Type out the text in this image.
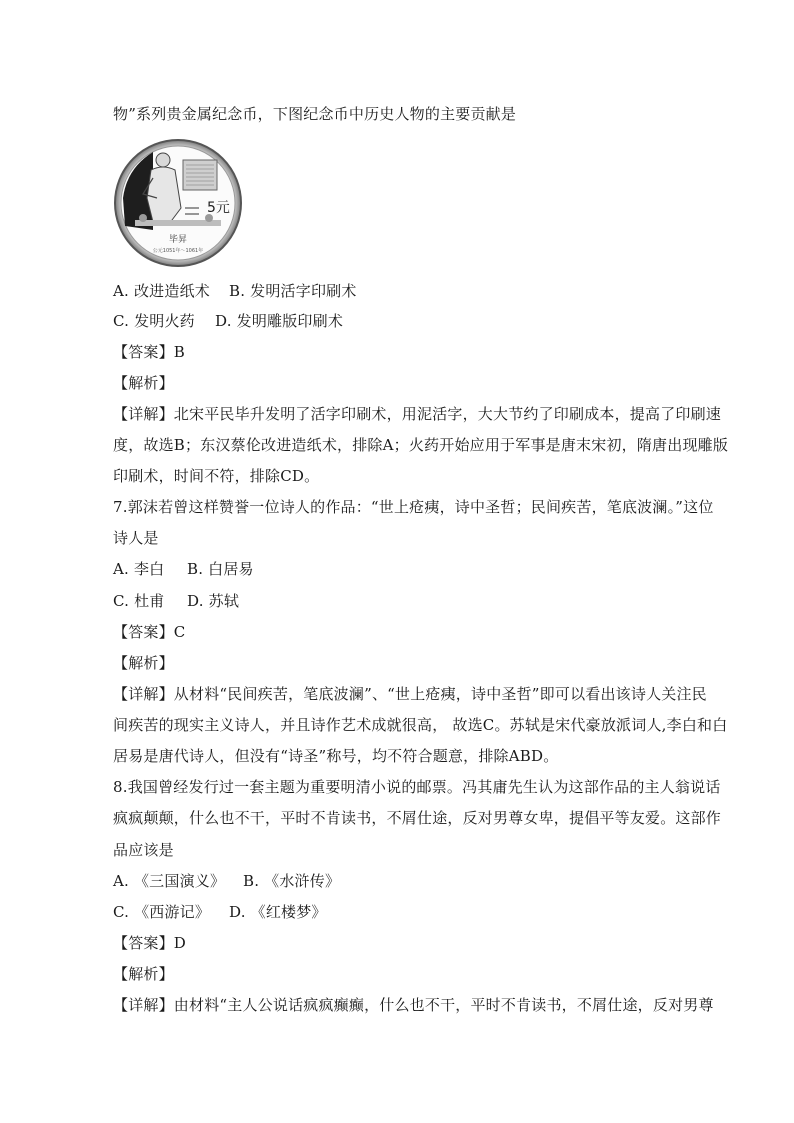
物”系列贵金属纪念币，下图纪念币中历史人物的主要贡献是
5元
毕昇
公元1051年～1061年
A. 改进造纸术 B. 发明活字印刷术
C. 发明火药 D. 发明雕版印刷术
【答案】B
【解析】
【详解】北宋平民毕升发明了活字印刷术，用泥活字，大大节约了印刷成本，提高了印刷速
度，故选B；东汉蔡伦改进造纸术，排除A；火药开始应用于军事是唐末宋初，隋唐出现雕版
印刷术，时间不符，排除CD。
7.郭沫若曾这样赞誉一位诗人的作品：“世上疮痍，诗中圣哲；民间疾苦，笔底波澜。”这位
诗人是
A. 李白 B. 白居易
C. 杜甫 D. 苏轼
【答案】C
【解析】
【详解】从材料“民间疾苦，笔底波澜”、“世上疮痍，诗中圣哲”即可以看出该诗人关注民
间疾苦的现实主义诗人，并且诗作艺术成就很高， 故选C。苏轼是宋代豪放派词人,李白和白
居易是唐代诗人，但没有“诗圣”称号，均不符合题意，排除ABD。
8.我国曾经发行过一套主题为重要明清小说的邮票。冯其庸先生认为这部作品的主人翁说话
疯疯颠颠，什么也不干，平时不肯读书，不屑仕途，反对男尊女卑，提倡平等友爱。这部作
品应该是
A. 《三国演义》 B. 《水浒传》
C. 《西游记》 D. 《红楼梦》
【答案】D
【解析】
【详解】由材料“主人公说话疯疯癫癫，什么也不干，平时不肯读书，不屑仕途，反对男尊
